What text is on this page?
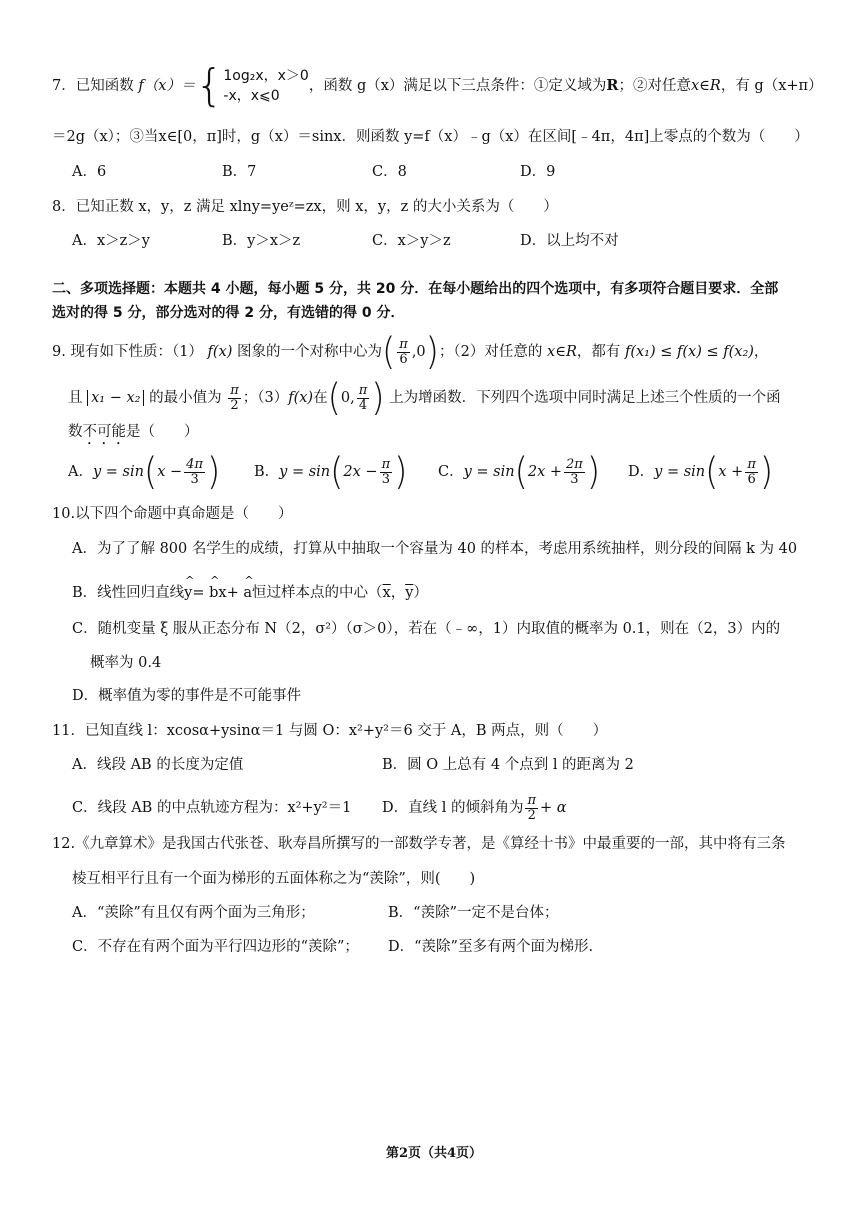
7．已知函数 f（x）＝{ 1og₂x，x＞0
-x，x⩽0
，函数 g（x）满足以下三点条件：①定义域为R；②对任意x∈R，有 g（x+π）
＝2g（x）；③当x∈[0，π]时，g（x）＝sinx．则函数 y=f（x）﹣g（x）在区间[﹣4π，4π]上零点的个数为（　　）
A．6	B．7	C．8	D．9
8．已知正数 x，y，z 满足 xlny=yeᶻ=zx，则 x，y，z 的大小关系为（　　）
A．x＞z＞y	B．y＞x＞z	C．x＞y＞z	D．以上均不对
二、多项选择题：本题共 4 小题，每小题 5 分，共 20 分．在每小题给出的四个选项中，有多项符合题目要求．全部
选对的得 5 分，部分选对的得 2 分，有选错的得 0 分．
9. 现有如下性质：（1） f(x) 图象的一个对称中心为( $\frac{\pi}{6} ,0$)；（2）对任意的 x∈R，都有 f(x₁) ≤ f(x) ≤ f(x₂)，
且 x₁ − x₂ 的最小值为 $\frac{\pi}{2}$ ；（3）f(x)在(0, $\frac{\pi}{4}$ ) 上为增函数．下列四个选项中同时满足上述三个性质的一个函
数不可能是（　　）
A．$y = \sin(x - \frac{4\pi}{3}$ ) B．$y = \sin(2x - \frac{\pi}{3}$ ) C．$y = \sin(2x + \frac{2\pi}{3}$ ) D．$y = \sin(x + \frac{\pi}{6}$ )
10.以下四个命题中真命题是（　　）
A．为了了解 800 名学生的成绩，打算从中抽取一个容量为 40 的样本，考虑用系统抽样，则分段的间隔 k 为 40
B．线性回归直线^ y= ^ bx+ ^ a恒过样本点的中心（$\overline{x}$，$\overline{y}$）
C．随机变量 ξ 服从正态分布 N（2，σ²）（σ＞0），若在（﹣∞，1）内取值的概率为 0.1，则在（2，3）内的
概率为 0.4
D．概率值为零的事件是不可能事件
11．已知直线 l：xcosα+ysinα＝1 与圆 O：x²+y²＝6 交于 A，B 两点，则（　　）
A．线段 AB 的长度为定值	B．圆 O 上总有 4 个点到 l 的距离为 2
C．线段 AB 的中点轨迹方程为：x²+y²＝1 D．直线 l 的倾斜角为 $\frac{\pi}{2} + \alpha$
12.《九章算术》是我国古代张苍、耿寿昌所撰写的一部数学专著，是《算经十书》中最重要的一部，其中将有三条
棱互相平行且有一个面为梯形的五面体称之为“羡除”，则(　　)
A．“羡除”有且仅有两个面为三角形；	B．“羡除”一定不是台体；
C．不存在有两个面为平行四边形的“羡除”； D．“羡除”至多有两个面为梯形.
第2页（共4页）
